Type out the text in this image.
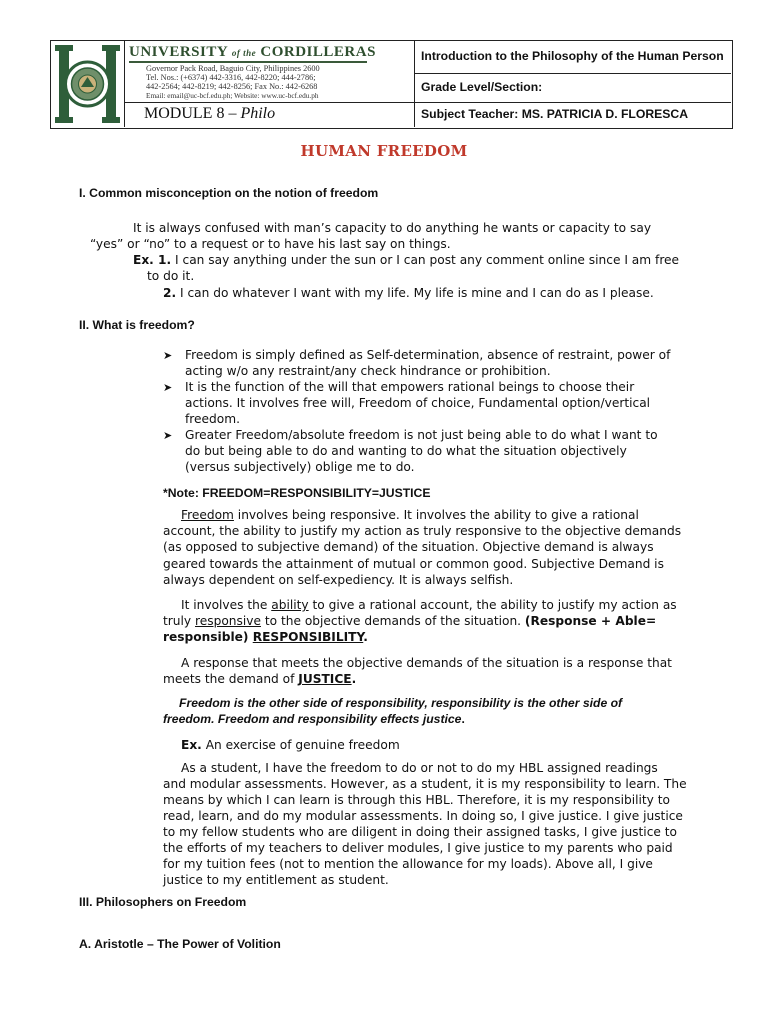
UNIVERSITY of the CORDILLERAS
Governor Pack Road, Baguio City, Philippines 2600
Tel. Nos.: (+6374) 442-3316, 442-8220; 444-2786;
442-2564; 442-8219; 442-8256; Fax No.: 442-6268
Email: email@uc-bcf.edu.ph; Website: www.uc-bcf.edu.ph
MODULE 8 – Philo
Introduction to the Philosophy of the Human Person
Grade Level/Section:
Subject Teacher: MS. PATRICIA D. FLORESCA
HUMAN FREEDOM
I. Common misconception on the notion of freedom
It is always confused with man’s capacity to do anything he wants or capacity to say
“yes” or “no” to a request or to have his last say on things.
Ex. 1. I can say anything under the sun or I can post any comment online since I am free
to do it.
2. I can do whatever I want with my life. My life is mine and I can do as I please.
II. What is freedom?
➤ Freedom is simply defined as Self-determination, absence of restraint, power of
acting w/o any restraint/any check hindrance or prohibition.
➤ It is the function of the will that empowers rational beings to choose their
actions. It involves free will, Freedom of choice, Fundamental option/vertical
freedom.
➤ Greater Freedom/absolute freedom is not just being able to do what I want to
do but being able to do and wanting to do what the situation objectively
(versus subjectively) oblige me to do.
*Note: FREEDOM=RESPONSIBILITY=JUSTICE
Freedom involves being responsive. It involves the ability to give a rational
account, the ability to justify my action as truly responsive to the objective demands
(as opposed to subjective demand) of the situation. Objective demand is always
geared towards the attainment of mutual or common good. Subjective Demand is
always dependent on self-expediency. It is always selfish.
It involves the ability to give a rational account, the ability to justify my action as
truly responsive to the objective demands of the situation. (Response + Able=
responsible) RESPONSIBILITY.
A response that meets the objective demands of the situation is a response that
meets the demand of JUSTICE.
Freedom is the other side of responsibility, responsibility is the other side of
freedom. Freedom and responsibility effects justice.
Ex. An exercise of genuine freedom
As a student, I have the freedom to do or not to do my HBL assigned readings
and modular assessments. However, as a student, it is my responsibility to learn. The
means by which I can learn is through this HBL. Therefore, it is my responsibility to
read, learn, and do my modular assessments. In doing so, I give justice. I give justice
to my fellow students who are diligent in doing their assigned tasks, I give justice to
the efforts of my teachers to deliver modules, I give justice to my parents who paid
for my tuition fees (not to mention the allowance for my loads). Above all, I give
justice to my entitlement as student.
III. Philosophers on Freedom
A. Aristotle – The Power of Volition
